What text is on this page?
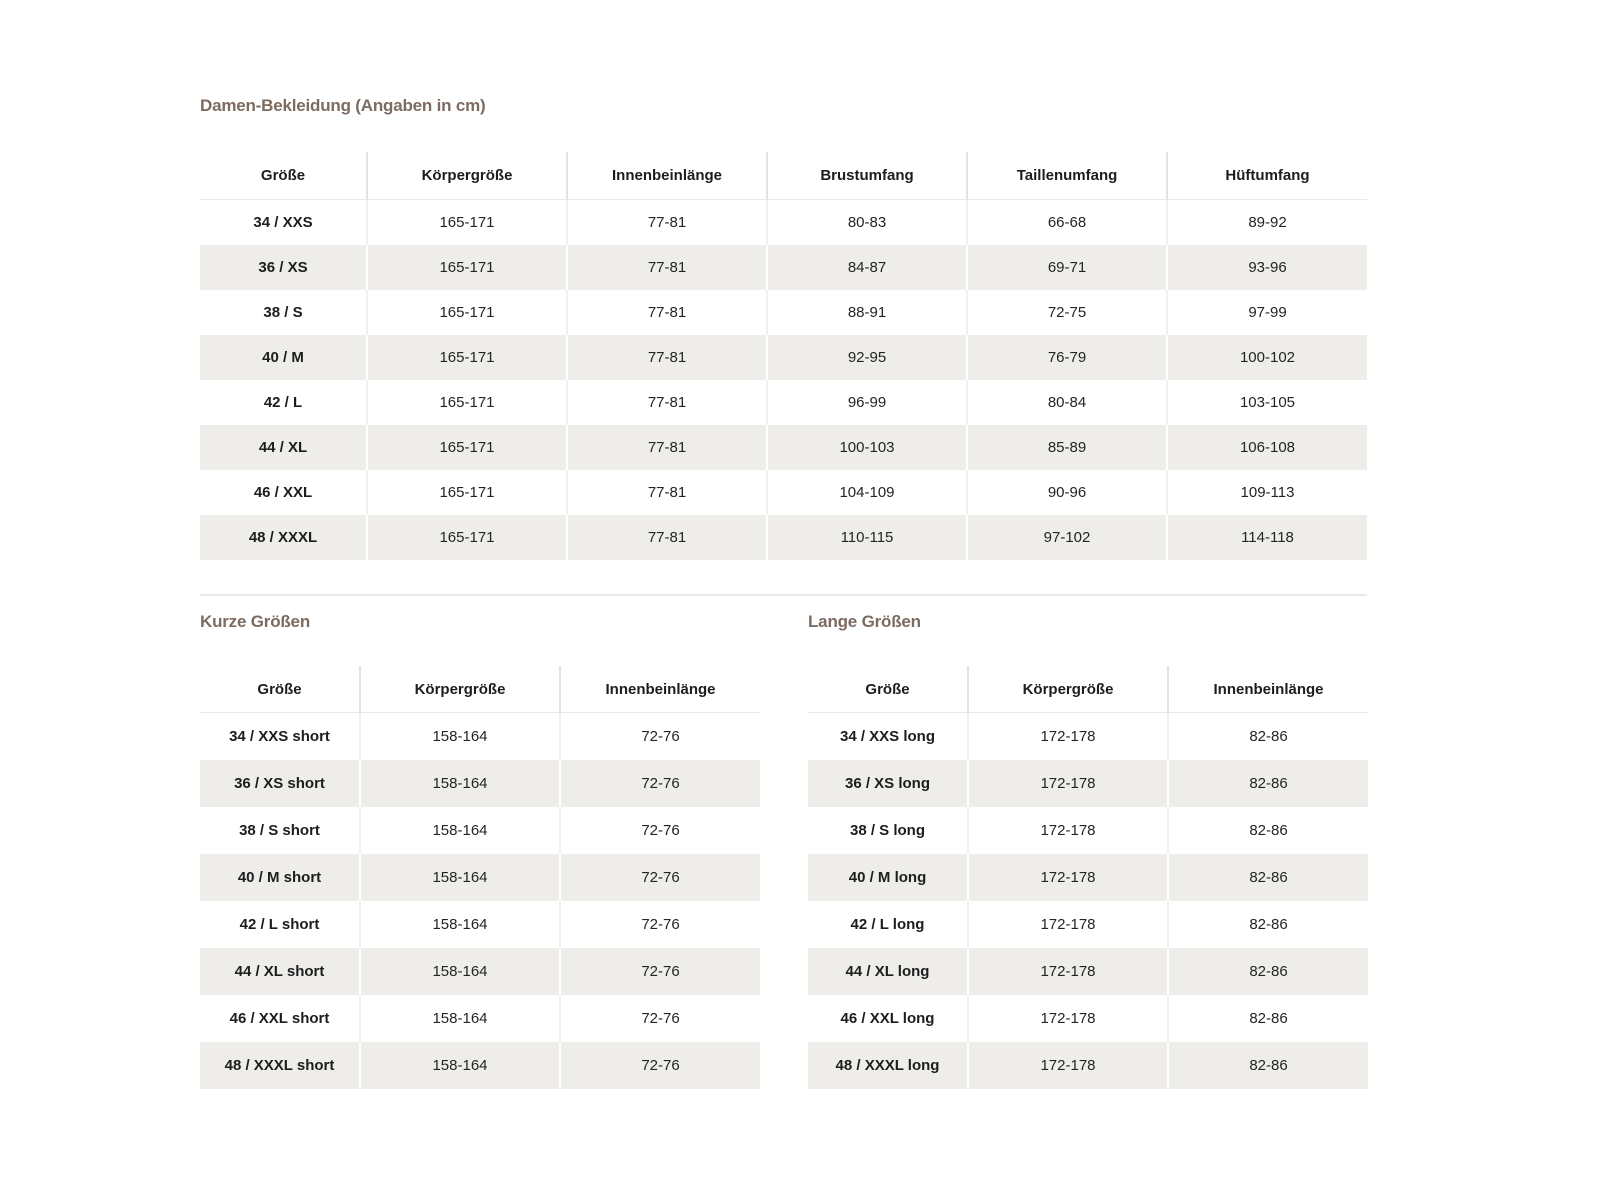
Damen-Bekleidung (Angaben in cm)
Größe	Körpergröße	Innenbeinlänge	Brustumfang	Taillenumfang	Hüftumfang
34 / XXS	165-171	77-81	80-83	66-68	89-92
36 / XS	165-171	77-81	84-87	69-71	93-96
38 / S	165-171	77-81	88-91	72-75	97-99
40 / M	165-171	77-81	92-95	76-79	100-102
42 / L	165-171	77-81	96-99	80-84	103-105
44 / XL	165-171	77-81	100-103	85-89	106-108
46 / XXL	165-171	77-81	104-109	90-96	109-113
48 / XXXL	165-171	77-81	110-115	97-102	114-118
Kurze Größen
Größe	Körpergröße	Innenbeinlänge
34 / XXS short	158-164	72-76
36 / XS short	158-164	72-76
38 / S short	158-164	72-76
40 / M short	158-164	72-76
42 / L short	158-164	72-76
44 / XL short	158-164	72-76
46 / XXL short	158-164	72-76
48 / XXXL short	158-164	72-76
Lange Größen
Größe	Körpergröße	Innenbeinlänge
34 / XXS long	172-178	82-86
36 / XS long	172-178	82-86
38 / S long	172-178	82-86
40 / M long	172-178	82-86
42 / L long	172-178	82-86
44 / XL long	172-178	82-86
46 / XXL long	172-178	82-86
48 / XXXL long	172-178	82-86
